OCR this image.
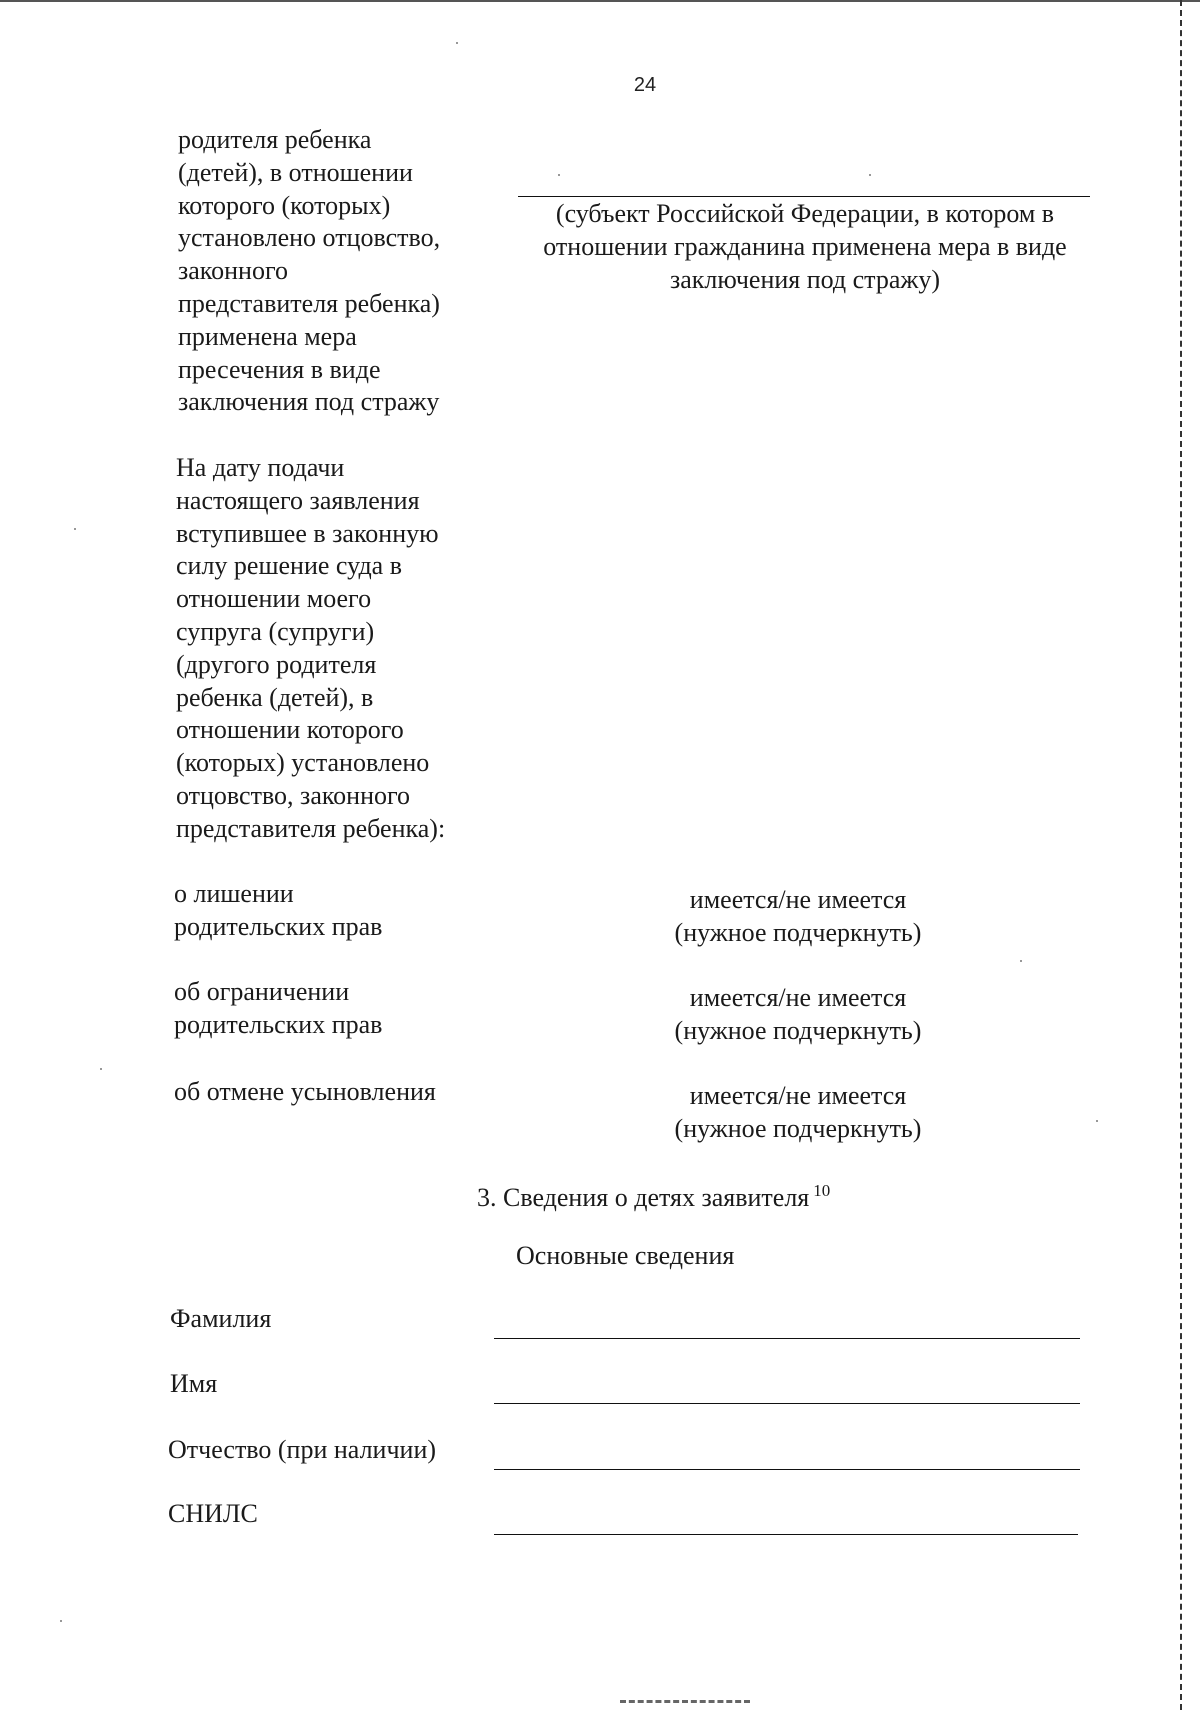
24
родителя ребенка
(детей), в отношении
которого (которых)
установлено отцовство,
законного
представителя ребенка)
применена мера
пресечения в виде
заключения под стражу
(субъект Российской Федерации, в котором в
отношении гражданина применена мера в виде
заключения под стражу)
На дату подачи
настоящего заявления
вступившее в законную
силу решение суда в
отношении моего
супруга (супруги)
(другого родителя
ребенка (детей), в
отношении которого
(которых) установлено
отцовство, законного
представителя ребенка):
о лишении
родительских прав
имеется/не имеется
(нужное подчеркнуть)
об ограничении
родительских прав
имеется/не имеется
(нужное подчеркнуть)
об отмене усыновления	имеется/не имеется
(нужное подчеркнуть)
3. Сведения о детях заявителя $^{10}$
Основные сведения
Фамилия
Имя
Отчество (при наличии)
СНИЛС
